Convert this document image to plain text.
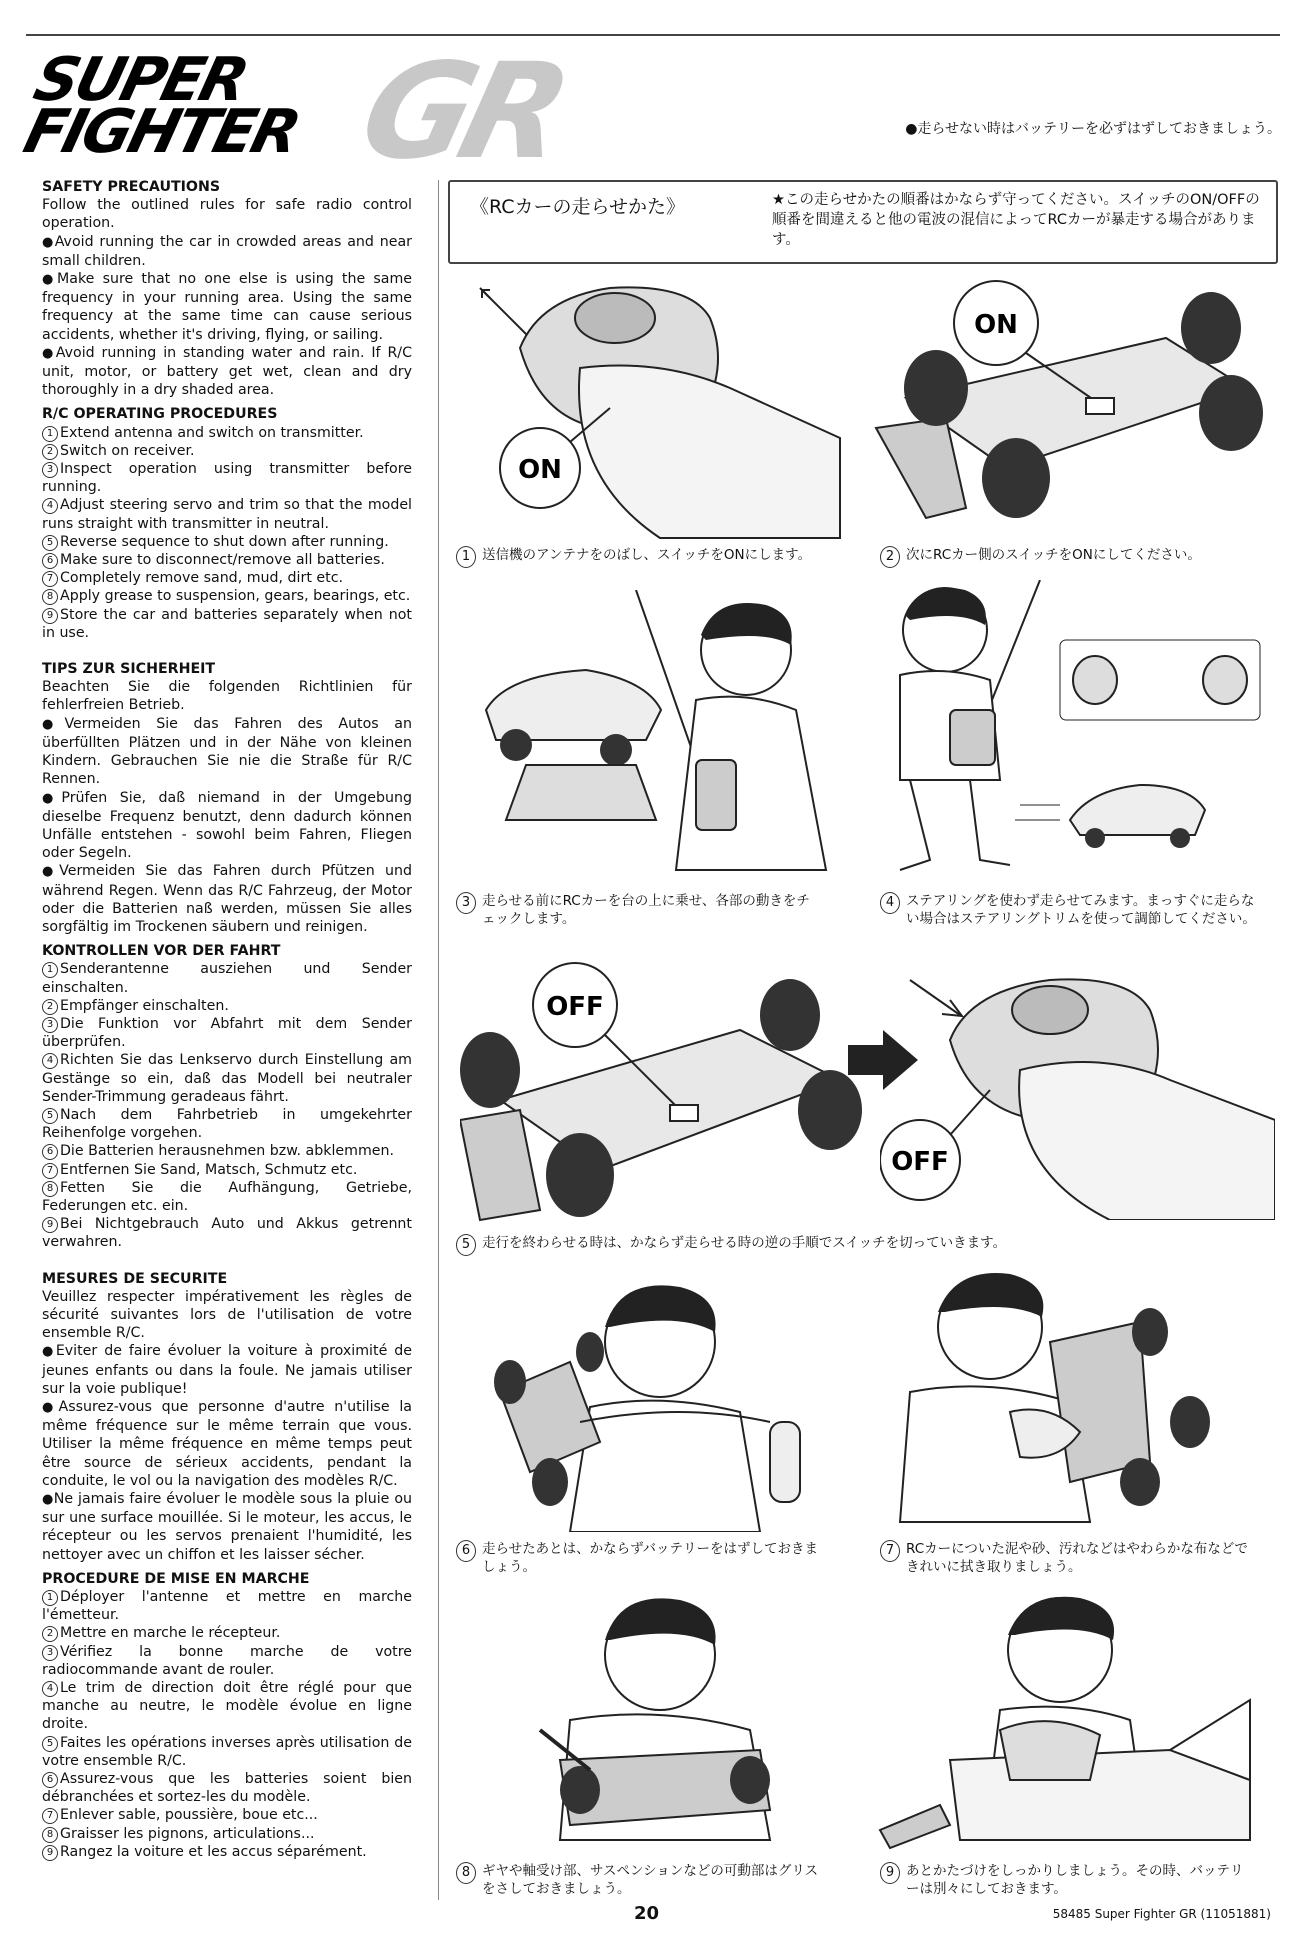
GR
SUPER
FIGHTER	●走らせない時はバッテリーを必ずはずしておきましょう。
SAFETY PRECAUTIONS

Follow the outlined rules for safe radio control operation.

●Avoid running the car in crowded areas and near small children.

●Make sure that no one else is using the same frequency in your running area. Using the same frequency at the same time can cause serious accidents, whether it's driving, flying, or sailing.

●Avoid running in standing water and rain. If R/C unit, motor, or battery get wet, clean and dry thoroughly in a dry shaded area.

R/C OPERATING PROCEDURES

1 Extend antenna and switch on transmitter.

2 Switch on receiver.

3 Inspect operation using transmitter before running.

4 Adjust steering servo and trim so that the model runs straight with transmitter in neutral.

5 Reverse sequence to shut down after running.

6 Make sure to disconnect/remove all batteries.

7 Completely remove sand, mud, dirt etc.

8 Apply grease to suspension, gears, bearings, etc.

9 Store the car and batteries separately when not in use.

TIPS ZUR SICHERHEIT

Beachten Sie die folgenden Richtlinien für fehlerfreien Betrieb.

●Vermeiden Sie das Fahren des Autos an überfüllten Plätzen und in der Nähe von kleinen Kindern. Gebrauchen Sie nie die Straße für R/C Rennen.

●Prüfen Sie, daß niemand in der Umgebung dieselbe Frequenz benutzt, denn dadurch können Unfälle entstehen - sowohl beim Fahren, Fliegen oder Segeln.

●Vermeiden Sie das Fahren durch Pfützen und während Regen. Wenn das R/C Fahrzeug, der Motor oder die Batterien naß werden, müssen Sie alles sorgfältig im Trockenen säubern und reinigen.

KONTROLLEN VOR DER FAHRT

1 Senderantenne ausziehen und Sender einschalten.

2 Empfänger einschalten.

3 Die Funktion vor Abfahrt mit dem Sender überprüfen.

4 Richten Sie das Lenkservo durch Einstellung am Gestänge so ein, daß das Modell bei neutraler Sender-Trimmung geradeaus fährt.

5 Nach dem Fahrbetrieb in umgekehrter Reihenfolge vorgehen.

6 Die Batterien herausnehmen bzw. abklemmen.

7 Entfernen Sie Sand, Matsch, Schmutz etc.

8 Fetten Sie die Aufhängung, Getriebe, Federungen etc. ein.

9 Bei Nichtgebrauch Auto und Akkus getrennt verwahren.

MESURES DE SECURITE

Veuillez respecter impérativement les règles de sécurité suivantes lors de l'utilisation de votre ensemble R/C.

●Eviter de faire évoluer la voiture à proximité de jeunes enfants ou dans la foule. Ne jamais utiliser sur la voie publique!

●Assurez-vous que personne d'autre n'utilise la même fréquence sur le même terrain que vous. Utiliser la même fréquence en même temps peut être source de sérieux accidents, pendant la conduite, le vol ou la navigation des modèles R/C.

●Ne jamais faire évoluer le modèle sous la pluie ou sur une surface mouillée. Si le moteur, les accus, le récepteur ou les servos prenaient l'humidité, les nettoyer avec un chiffon et les laisser sécher.

PROCEDURE DE MISE EN MARCHE

1 Déployer l'antenne et mettre en marche l'émetteur.

2 Mettre en marche le récepteur.

3 Vérifiez la bonne marche de votre radiocommande avant de rouler.

4 Le trim de direction doit être réglé pour que manche au neutre, le modèle évolue en ligne droite.

5 Faites les opérations inverses après utilisation de votre ensemble R/C.

6 Assurez-vous que les batteries soient bien débranchées et sortez-les du modèle.

7 Enlever sable, poussière, boue etc...

8 Graisser les pignons, articulations...

9 Rangez la voiture et les accus séparément.

《RCカーの走らせかた》	★この走らせかたの順番はかならず守ってください。スイッチのON/OFFの順番を間違えると他の電波の混信によってRCカーが暴走する場合があります。
ON
ON
1 送信機のアンテナをのばし、スイッチをONにします。	2 次にRCカー側のスイッチをONにしてください。
3 走らせる前にRCカーを台の上に乗せ、各部の動きをチェックします。
4 ステアリングを使わず走らせてみます。まっすぐに走らない場合はステアリングトリムを使って調節してください。
OFF
OFF
5 走行を終わらせる時は、かならず走らせる時の逆の手順でスイッチを切っていきます。
6 走らせたあとは、かならずバッテリーをはずしておきましょう。
7 RCカーについた泥や砂、汚れなどはやわらかな布などできれいに拭き取りましょう。
8 ギヤや軸受け部、サスペンションなどの可動部はグリスをさしておきましょう。
9 あとかたづけをしっかりしましょう。その時、バッテリーは別々にしておきます。
20	58485 Super Fighter GR (11051881)
